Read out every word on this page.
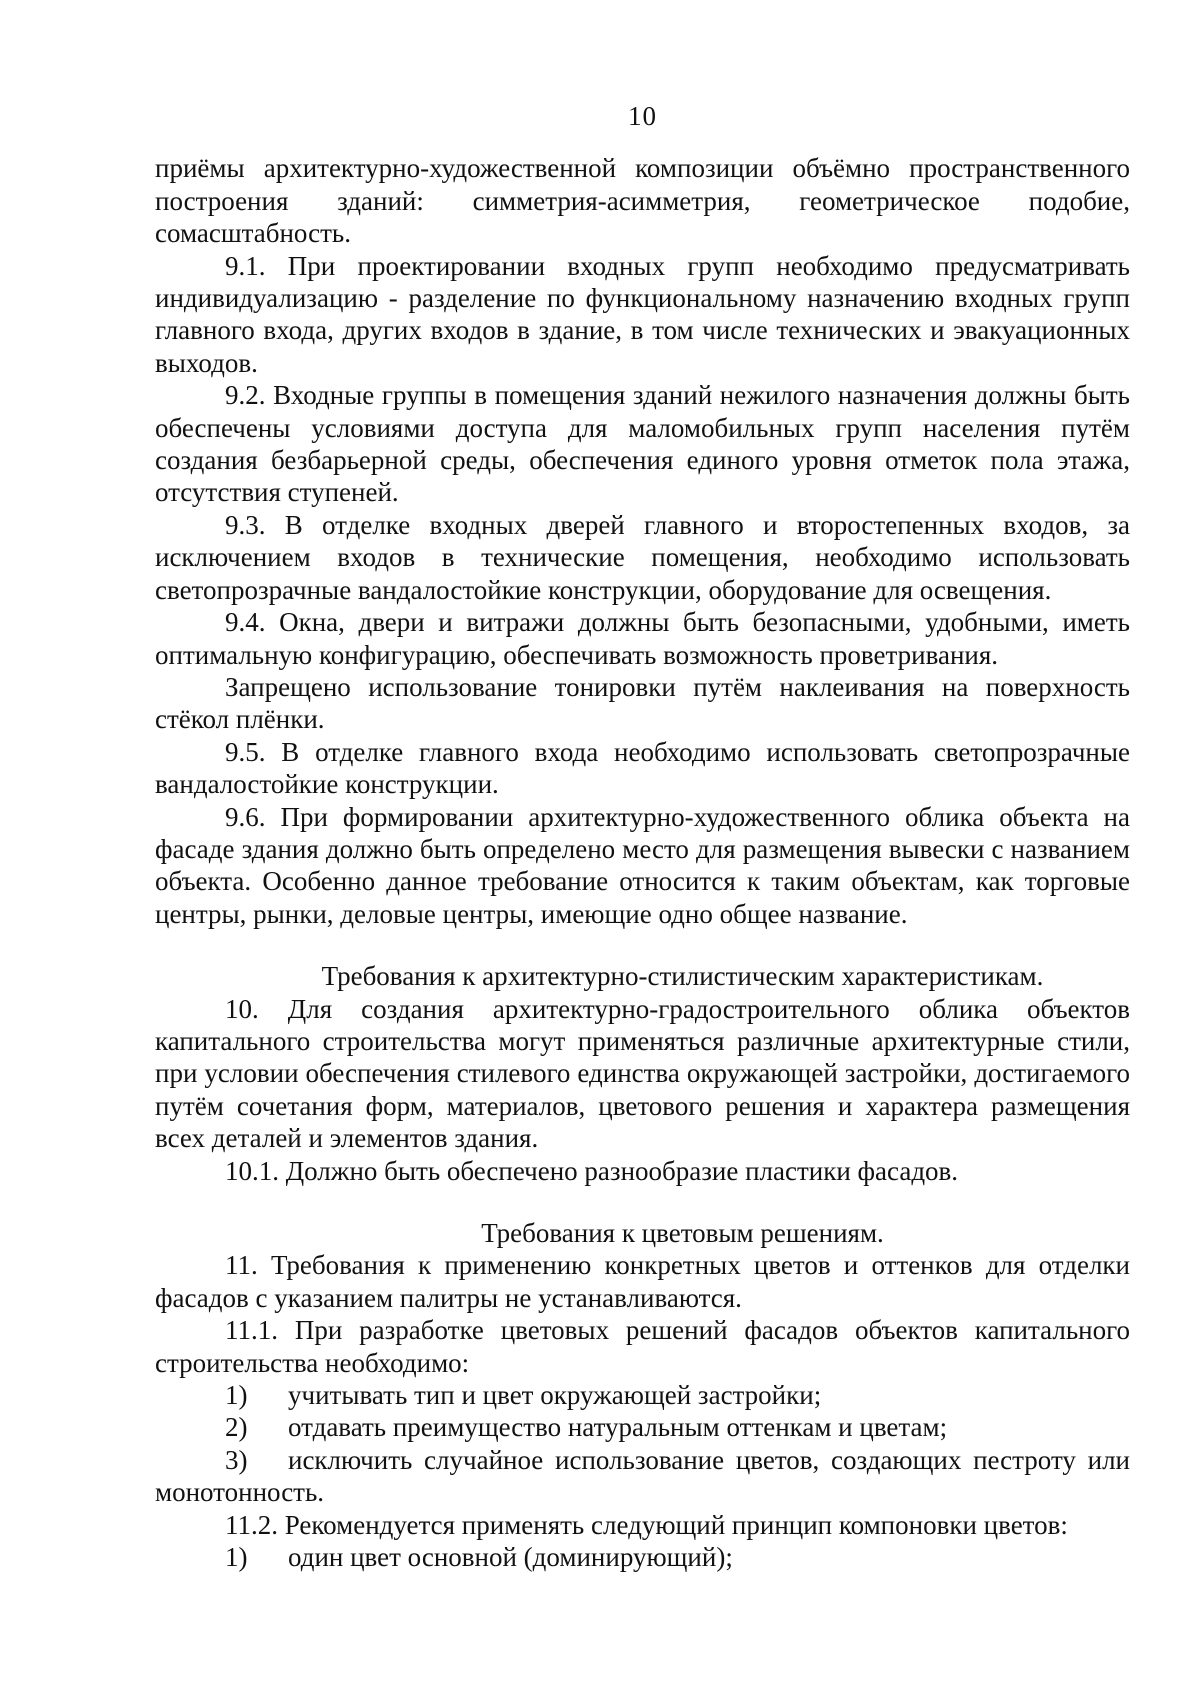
10

приёмы архитектурно-художественной композиции объёмно пространственного построения зданий: симметрия-асимметрия, геометрическое подобие, сомасштабность.

9.1. При проектировании входных групп необходимо предусматривать индивидуализацию - разделение по функциональному назначению входных групп главного входа, других входов в здание, в том числе технических и эвакуационных выходов.

9.2. Входные группы в помещения зданий нежилого назначения должны быть обеспечены условиями доступа для маломобильных групп населения путём создания безбарьерной среды, обеспечения единого уровня отметок пола этажа, отсутствия ступеней.

9.3. В отделке входных дверей главного и второстепенных входов, за исключением входов в технические помещения, необходимо использовать светопрозрачные вандалостойкие конструкции, оборудование для освещения.

9.4. Окна, двери и витражи должны быть безопасными, удобными, иметь оптимальную конфигурацию, обеспечивать возможность проветривания.

Запрещено использование тонировки путём наклеивания на поверхность стёкол плёнки.

9.5. В отделке главного входа необходимо использовать светопрозрачные вандалостойкие конструкции.

9.6. При формировании архитектурно-художественного облика объекта на фасаде здания должно быть определено место для размещения вывески с названием объекта. Особенно данное требование относится к таким объектам, как торговые центры, рынки, деловые центры, имеющие одно общее название.

Требования к архитектурно-стилистическим характеристикам.

10. Для создания архитектурно-градостроительного облика объектов капитального строительства могут применяться различные архитектурные стили, при условии обеспечения стилевого единства окружающей застройки, достигаемого путём сочетания форм, материалов, цветового решения и характера размещения всех деталей и элементов здания.

10.1. Должно быть обеспечено разнообразие пластики фасадов.

Требования к цветовым решениям.

11. Требования к применению конкретных цветов и оттенков для отделки фасадов с указанием палитры не устанавливаются.

11.1. При разработке цветовых решений фасадов объектов капитального строительства необходимо:

1) учитывать тип и цвет окружающей застройки;

2) отдавать преимущество натуральным оттенкам и цветам;

3) исключить случайное использование цветов, создающих пестроту или монотонность.

11.2. Рекомендуется применять следующий принцип компоновки цветов:

1) один цвет основной (доминирующий);
